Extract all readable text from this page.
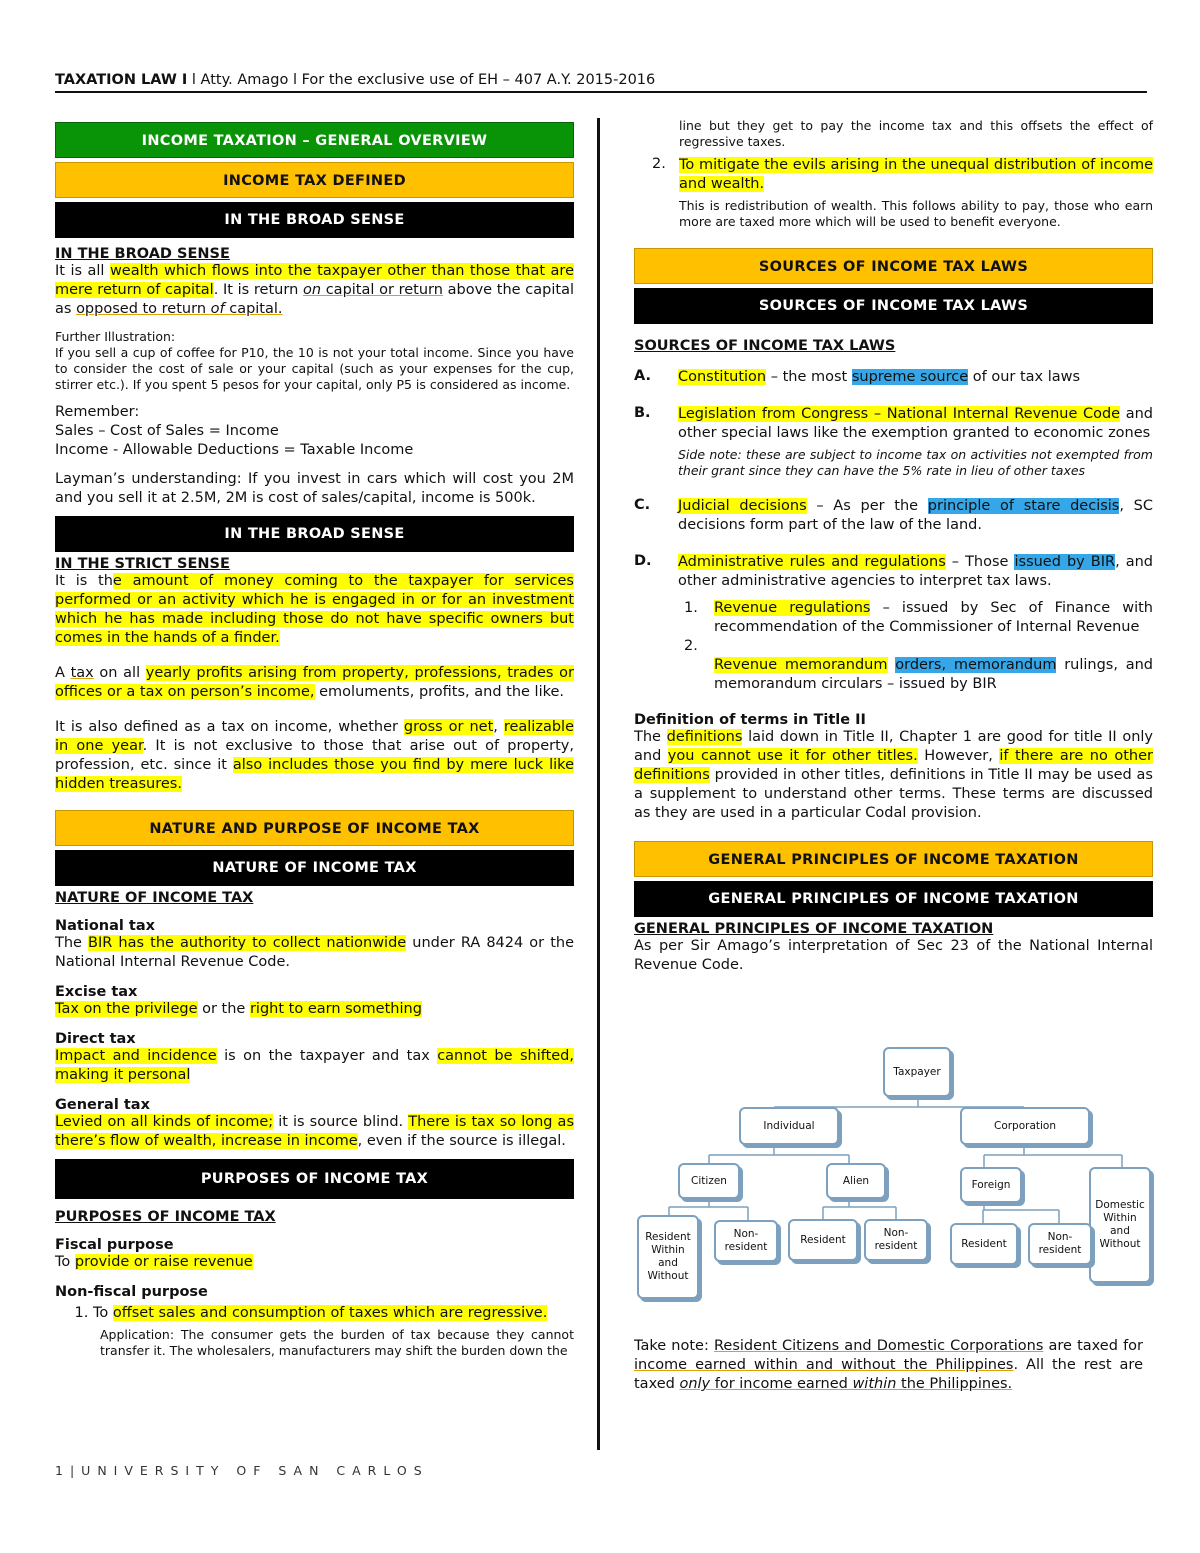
TAXATION LAW I l Atty. Amago l For the exclusive use of EH – 407 A.Y. 2015-2016
INCOME TAXATION – GENERAL OVERVIEW
INCOME TAX DEFINED
IN THE BROAD SENSE
IN THE BROAD SENSE

It is all wealth which flows into the taxpayer other than those that are mere return of capital. It is return on capital or return above the capital as opposed to return of capital.

Further Illustration:

If you sell a cup of coffee for P10, the 10 is not your total income. Since you have to consider the cost of sale or your capital (such as your expenses for the cup, stirrer etc.). If you spent 5 pesos for your capital, only P5 is considered as income.

Remember:

Sales – Cost of Sales = Income

Income - Allowable Deductions = Taxable Income

Layman’s understanding: If you invest in cars which will cost you 2M and you sell it at 2.5M, 2M is cost of sales/capital, income is 500k.

IN THE BROAD SENSE
IN THE STRICT SENSE

It is the amount of money coming to the taxpayer for services performed or an activity which he is engaged in or for an investment which he has made including those do not have specific owners but comes in the hands of a finder.

A tax on all yearly profits arising from property, professions, trades or offices or a tax on person’s income, emoluments, profits, and the like.

It is also defined as a tax on income, whether gross or net, realizable in one year. It is not exclusive to those that arise out of property, profession, etc. since it also includes those you find by mere luck like hidden treasures.

NATURE AND PURPOSE OF INCOME TAX
NATURE OF INCOME TAX
NATURE OF INCOME TAX
National tax

The BIR has the authority to collect nationwide under RA 8424 or the National Internal Revenue Code.

Excise tax

Tax on the privilege or the right to earn something

Direct tax

Impact and incidence is on the taxpayer and tax cannot be shifted, making it personal

General tax

Levied on all kinds of income; it is source blind. There is tax so long as there’s flow of wealth, increase in income, even if the source is illegal.

PURPOSES OF INCOME TAX
PURPOSES OF INCOME TAX
Fiscal purpose

To provide or raise revenue

Non-fiscal purpose
1. To offset sales and consumption of taxes which are regressive.
Application: The consumer gets the burden of tax because they cannot transfer it. The wholesalers, manufacturers may shift the burden down the
line but they get to pay the income tax and this offsets the effect of regressive taxes.
2. To mitigate the evils arising in the unequal distribution of income and wealth.

This is redistribution of wealth. This follows ability to pay, those who earn more are taxed more which will be used to benefit everyone.
SOURCES OF INCOME TAX LAWS
SOURCES OF INCOME TAX LAWS
SOURCES OF INCOME TAX LAWS
A.	Constitution – the most supreme source of our tax laws
B.	Legislation from Congress – National Internal Revenue Code and other special laws like the exemption granted to economic zones
Side note: these are subject to income tax on activities not exempted from their grant since they can have the 5% rate in lieu of other taxes
C.	Judicial decisions – As per the principle of stare decisis, SC decisions form part of the law of the land.
D.	Administrative rules and regulations – Those issued by BIR, and other administrative agencies to interpret tax laws.
1.	Revenue regulations – issued by Sec of Finance with recommendation of the Commissioner of Internal Revenue

2.

Revenue memorandum orders, memorandum rulings, and memorandum circulars – issued by BIR

Definition of terms in Title II

The definitions laid down in Title II, Chapter 1 are good for title II only and you cannot use it for other titles. However, if there are no other definitions provided in other titles, definitions in Title II may be used as a supplement to understand other terms. These terms are discussed as they are used in a particular Codal provision.

GENERAL PRINCIPLES OF INCOME TAXATION
GENERAL PRINCIPLES OF INCOME TAXATION
GENERAL PRINCIPLES OF INCOME TAXATION

As per Sir Amago’s interpretation of Sec 23 of the National Internal Revenue Code.

Taxpayer
Individual	Corporation
Citizen	Alien	Foreign
Domestic Within and Without
Resident Within and Without
Non-resident
Resident
Non-resident	Resident
Non-resident

Take note: Resident Citizens and Domestic Corporations are taxed for income earned within and without the Philippines. All the rest are taxed only for income earned within the Philippines.

1|UNIVERSITY OF SAN CARLOS
